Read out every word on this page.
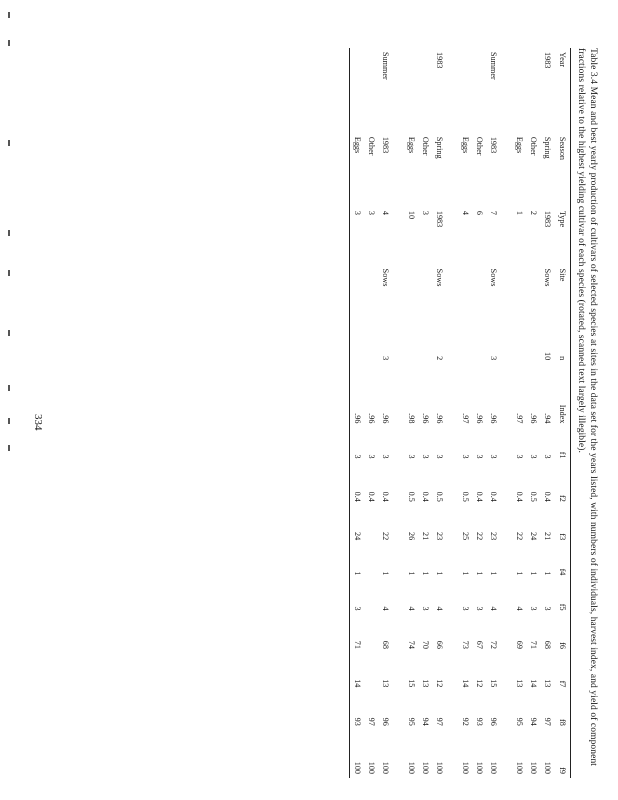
Table 3.4 Mean and best yearly production of cultivars of selected species at sites in the data set for the years listed, with numbers of individuals, harvest index, and yield of component fractions relative to the highest yielding cultivar of each species (rotated, scanned text largely illegible).

Year	Season	Type	Site	n	Index	f1	f2	f3	f4	f5	f6	f7	f8	f9
1983	Spring	1983	Sows	10	.94	3	0.4	21	1	3	68	13	97	100
	Other	2			.96	3	0.5	24	1	3	71	14	94	100
	Eggs	1			.97	3	0.4	22	1	4	69	13	95	100
Summer	1983	7	Sows	3	.96	3	0.4	23	1	4	72	15	96	100
	Other	6			.96	3	0.4	22	1	3	67	12	93	100
	Eggs	4			.97	3	0.5	25	1	3	73	14	92	100
1983	Spring	1983	Sows	2	.96	3	0.5	23	1	4	66	12	97	100
	Other	3			.96	3	0.4	21	1	3	70	13	94	100
	Eggs	10			.98	3	0.5	26	1	4	74	15	95	100
Summer	1983	4	Sows	3	.96	3	0.4	22	1	4	68	13	96	100
	Other	3			.96	3	0.4						97	100
	Eggs	3			.96	3	0.4	24	1	3	71	14	93	100
334
